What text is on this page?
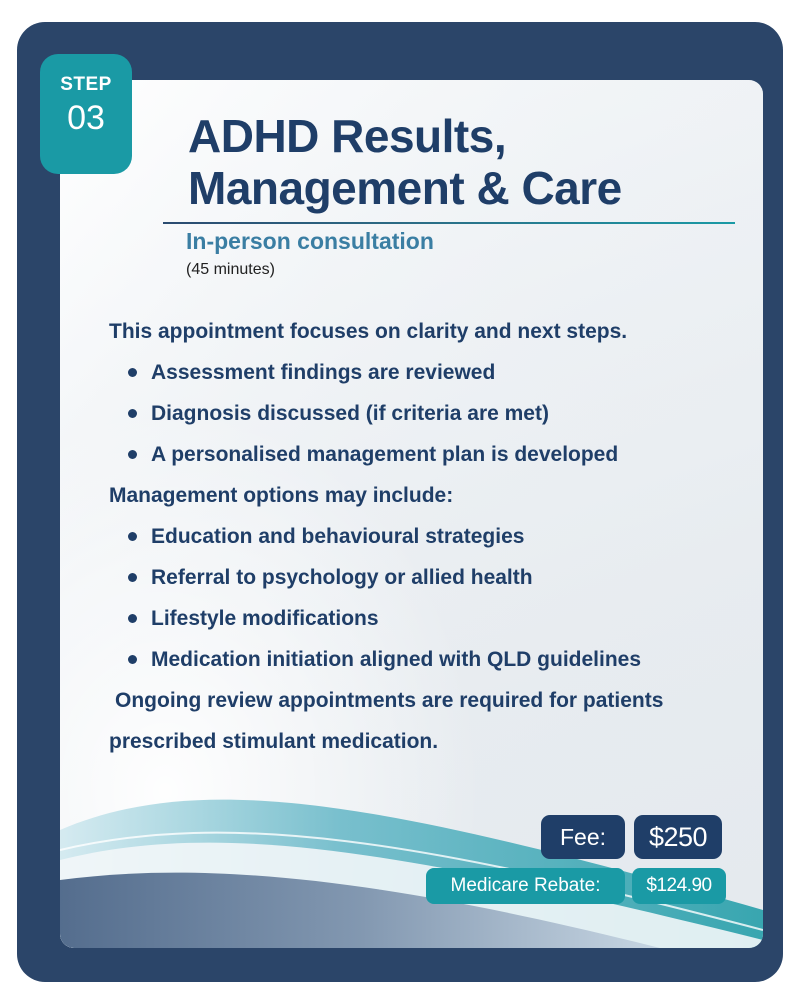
STEP
03	ADHD Results,
Management & Care
In-person consultation
(45 minutes)

This appointment focuses on clarity and next steps.

Assessment findings are reviewed
Diagnosis discussed (if criteria are met)
A personalised management plan is developed

Management options may include:

Education and behavioural strategies
Referral to psychology or allied health
Lifestyle modifications
Medication initiation aligned with QLD guidelines

Ongoing review appointments are required for patients prescribed stimulant medication.

Fee:	$250
Medicare Rebate:	$124.90
